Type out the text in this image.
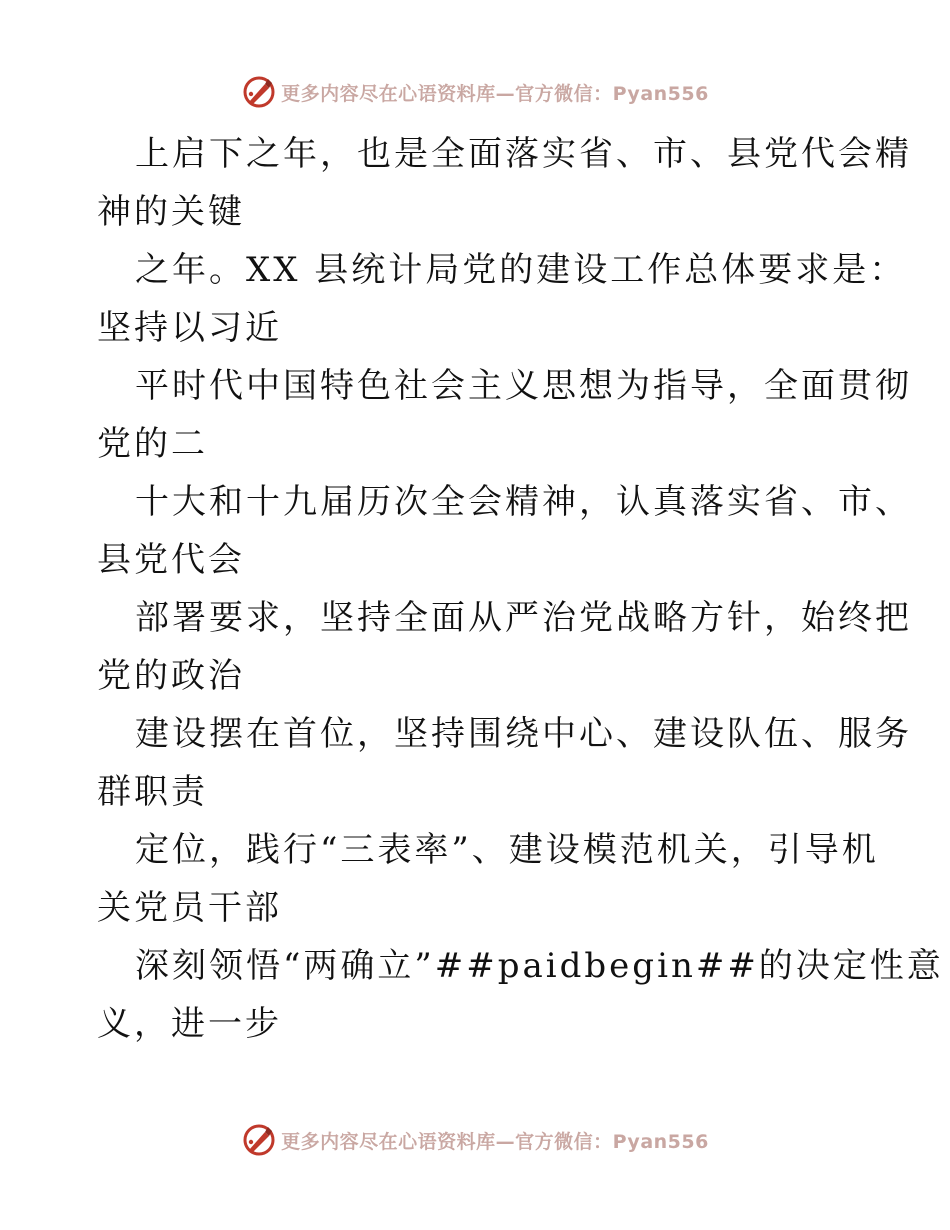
更多内容尽在心语资料库—官方微信：Pyan556
上启下之年，也是全面落实省、市、县党代会精
神的关键
之年。XX 县统计局党的建设工作总体要求是：
坚持以习近
平时代中国特色社会主义思想为指导，全面贯彻
党的二
十大和十九届历次全会精神，认真落实省、市、
县党代会
部署要求，坚持全面从严治党战略方针，始终把
党的政治
建设摆在首位，坚持围绕中心、建设队伍、服务
群职责
定位，践行“三表率”、建设模范机关，引导机
关党员干部
深刻领悟“两确立”##paidbegin##的决定性意
义，进一步
更多内容尽在心语资料库—官方微信：Pyan556
